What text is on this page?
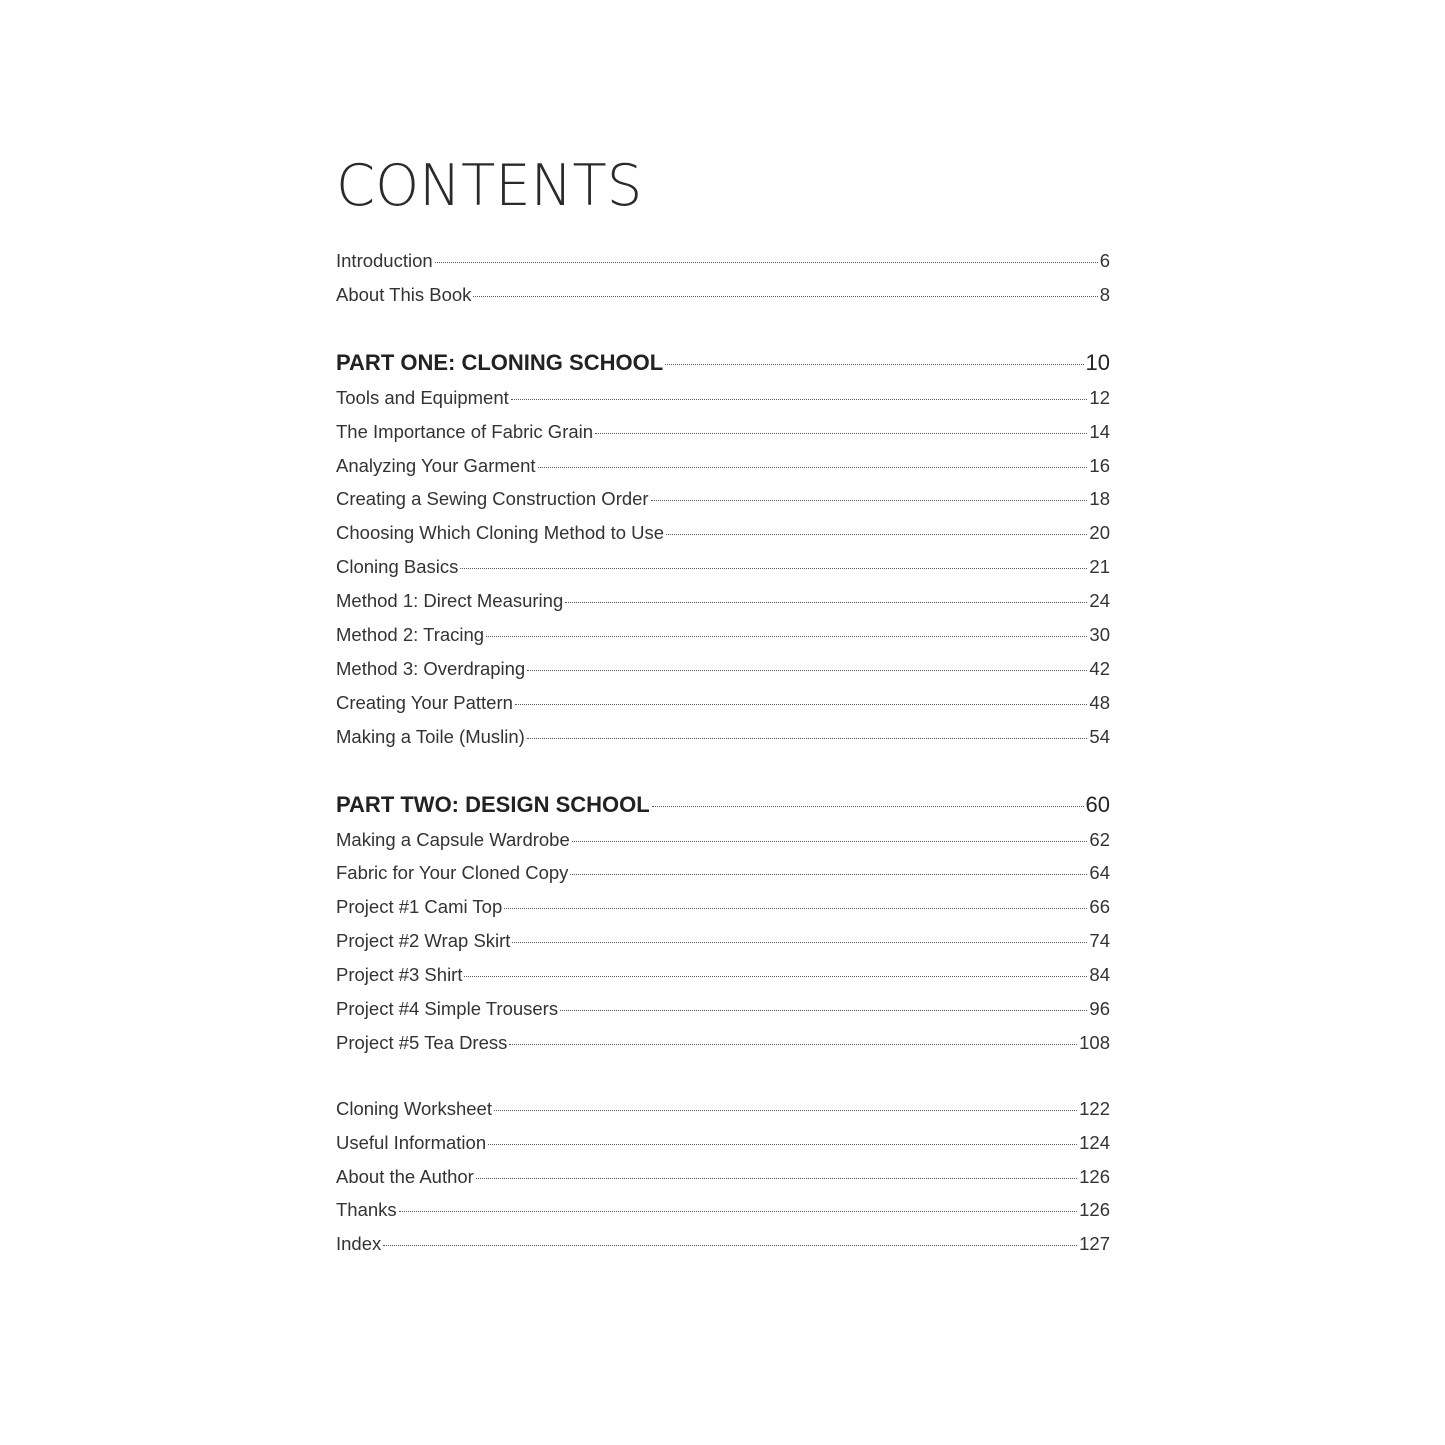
CONTENTS
Introduction	6
About This Book	8
PART ONE: CLONING SCHOOL	10
Tools and Equipment	12
The Importance of Fabric Grain	14
Analyzing Your Garment	16
Creating a Sewing Construction Order	18
Choosing Which Cloning Method to Use	20
Cloning Basics	21
Method 1: Direct Measuring	24
Method 2: Tracing	30
Method 3: Overdraping	42
Creating Your Pattern	48
Making a Toile (Muslin)	54
PART TWO: DESIGN SCHOOL	60
Making a Capsule Wardrobe	62
Fabric for Your Cloned Copy	64
Project #1 Cami Top	66
Project #2 Wrap Skirt	74
Project #3 Shirt	84
Project #4 Simple Trousers	96
Project #5 Tea Dress	108
Cloning Worksheet	122
Useful Information	124
About the Author	126
Thanks	126
Index	127
